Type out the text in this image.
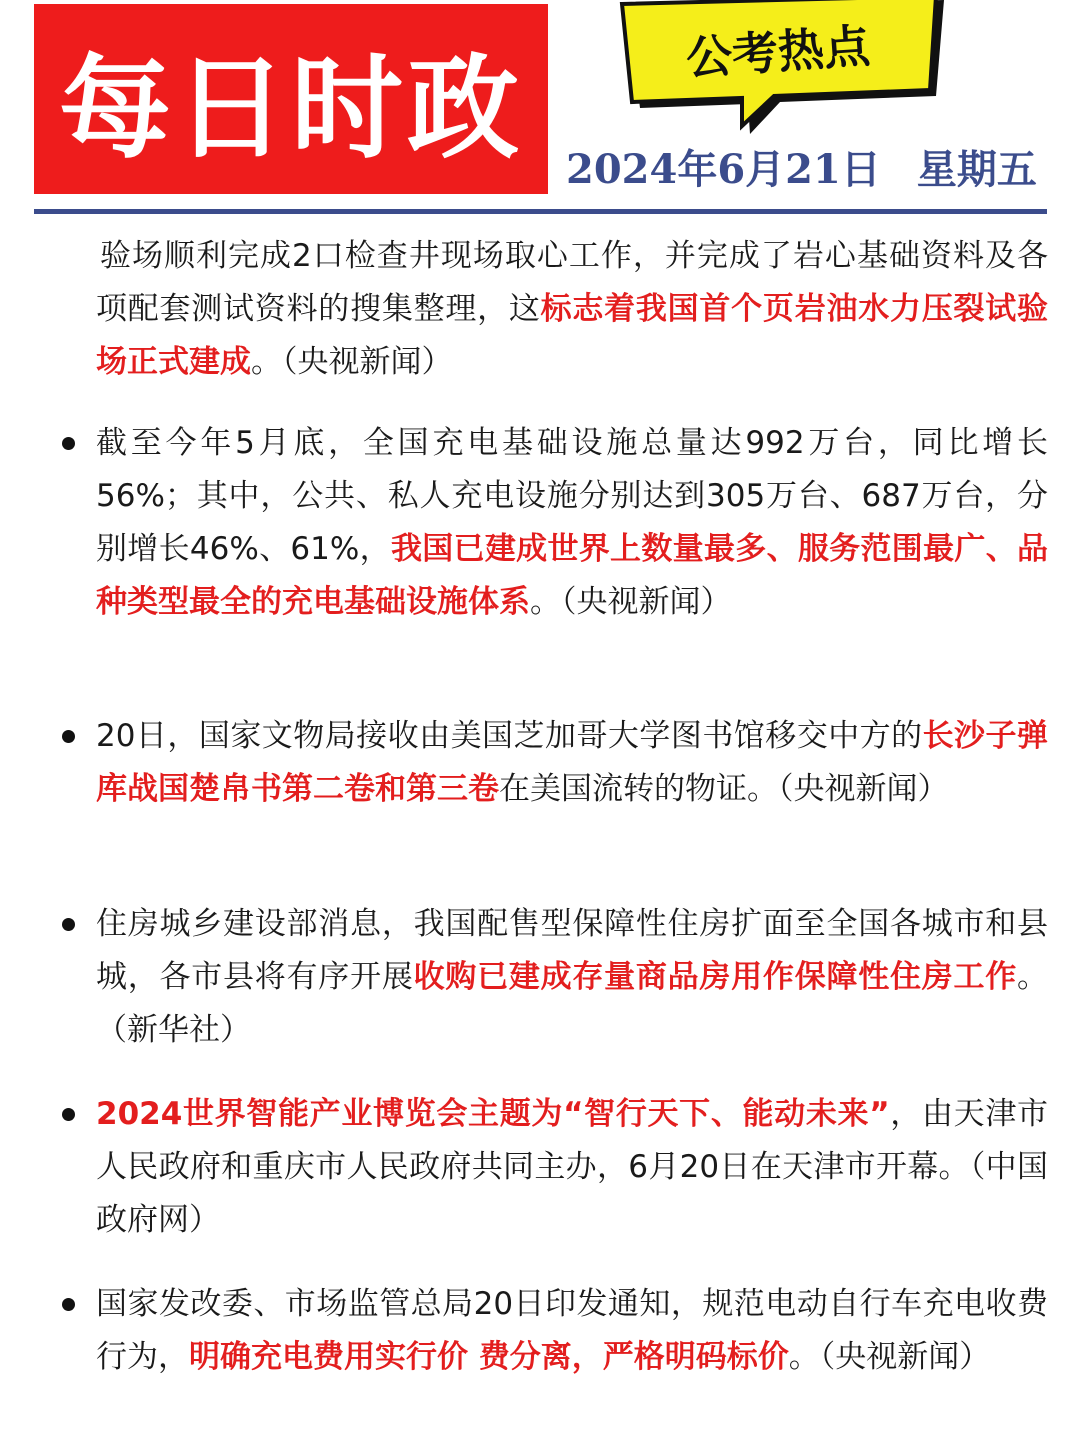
每日时政	公考热点
2024年6月21日 星期五
验场顺利完成2口检查井现场取心工作，并完成了岩心基础资料及各项配套测试资料的搜集整理，这标志着我国首个页岩油水力压裂试验场正式建成。（央视新闻）
截至今年5月底，全国充电基础设施总量达992万台，同比增长56%；其中，公共、私人充电设施分别达到305万台、687万台，分别增长46%、61%，我国已建成世界上数量最多、服务范围最广、品种类型最全的充电基础设施体系。（央视新闻）
20日，国家文物局接收由美国芝加哥大学图书馆移交中方的长沙子弹库战国楚帛书第二卷和第三卷在美国流转的物证。（央视新闻）
住房城乡建设部消息，我国配售型保障性住房扩面至全国各城市和县城，各市县将有序开展收购已建成存量商品房用作保障性住房工作。（新华社）
2024世界智能产业博览会主题为“智行天下、能动未来”，由天津市人民政府和重庆市人民政府共同主办，6月20日在天津市开幕。（中国政府网）
国家发改委、市场监管总局20日印发通知，规范电动自行车充电收费行为，明确充电费用实行价 费分离，严格明码标价。（央视新闻）
